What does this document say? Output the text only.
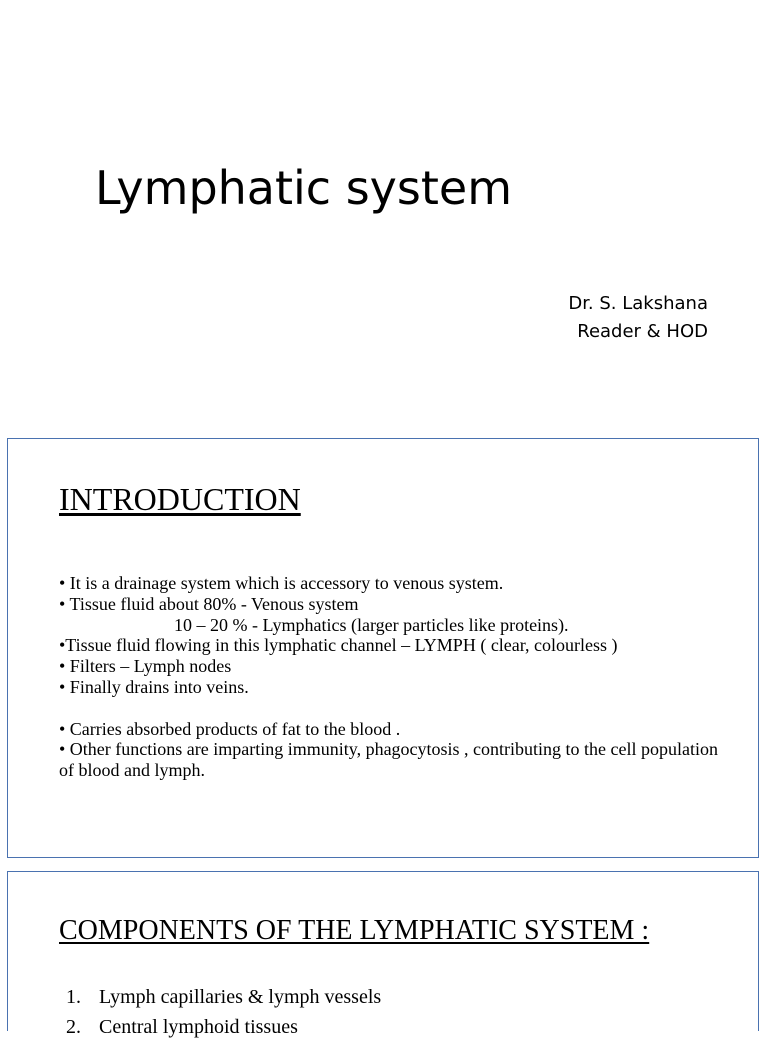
Lymphatic system
Dr. S. Lakshana
Reader & HOD
INTRODUCTION
• It is a drainage system which is accessory to venous system.
• Tissue fluid about 80% - Venous system
10 – 20 % - Lymphatics (larger particles like proteins).
•Tissue fluid flowing in this lymphatic channel – LYMPH ( clear, colourless )
• Filters – Lymph nodes
• Finally drains into veins.
• Carries absorbed products of fat to the blood .
• Other functions are imparting immunity, phagocytosis , contributing to the cell population of blood and lymph.
COMPONENTS OF THE LYMPHATIC SYSTEM :
1. Lymph capillaries & lymph vessels
2. Central lymphoid tissues
